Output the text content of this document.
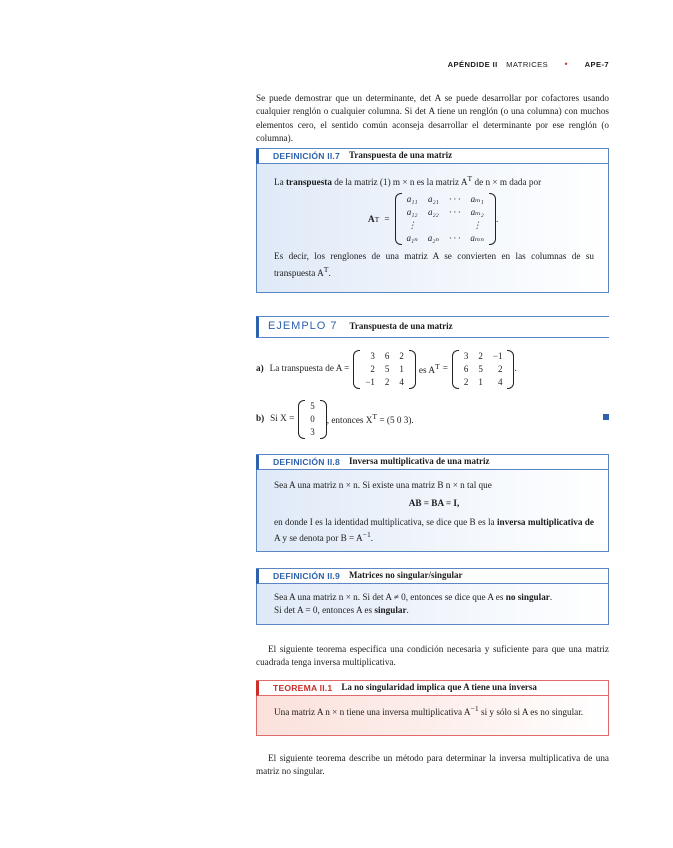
APÉNDIDE II MATRICES • APE-7

Se puede demostrar que un determinante, det A se puede desarrollar por cofactores usando cualquier renglón o cualquier columna. Si det A tiene un renglón (o una columna) con muchos elementos cero, el sentido común aconseja desarrollar el determinante por ese renglón (o columna).

DEFINICIÓN II.7 Transpuesta de una matriz

La transpuesta de la matriz (1) m × n es la matriz $A^T$ de n × m dada por

A T =
a₁₁	a₂₁	· · ·	aₘ₁
a₁₂	a₂₂	· · ·	aₘ₂
⋮			⋮
a₁ₙ	a₂ₙ	· · ·	aₘₙ
.

Es decir, los renglones de una matriz A se convierten en las columnas de su transpuesta $A^T$.

EJEMPLO 7 Transpuesta de una matriz
a) La transpuesta de A =
3	6	2
2	5	1
−1	2	4
es $A^T$ =
3	2	−1
6	5	2
2	1	4
.
b) Si X =
5
0
3
, entonces $X^T = (5$ 0 3).
DEFINICIÓN II.8 Inversa multiplicativa de una matriz

Sea A una matriz n × n. Si existe una matriz B n × n tal que

AB = BA = I,

en donde I es la identidad multiplicativa, se dice que B es la inversa multiplicativa de A y se denota por $B = A^{-1}$.

DEFINICIÓN II.9 Matrices no singular/singular

Sea A una matriz n × n. Si det A ≠ 0, entonces se dice que A es no singular.

Si det A = 0, entonces A es singular.

El siguiente teorema especifica una condición necesaria y suficiente para que una matriz cuadrada tenga inversa multiplicativa.

TEOREMA II.1 La no singularidad implica que A tiene una inversa

Una matriz A n × n tiene una inversa multiplicativa $A^{-1}$ si y sólo si A es no singular.

El siguiente teorema describe un método para determinar la inversa multiplicativa de una matriz no singular.
